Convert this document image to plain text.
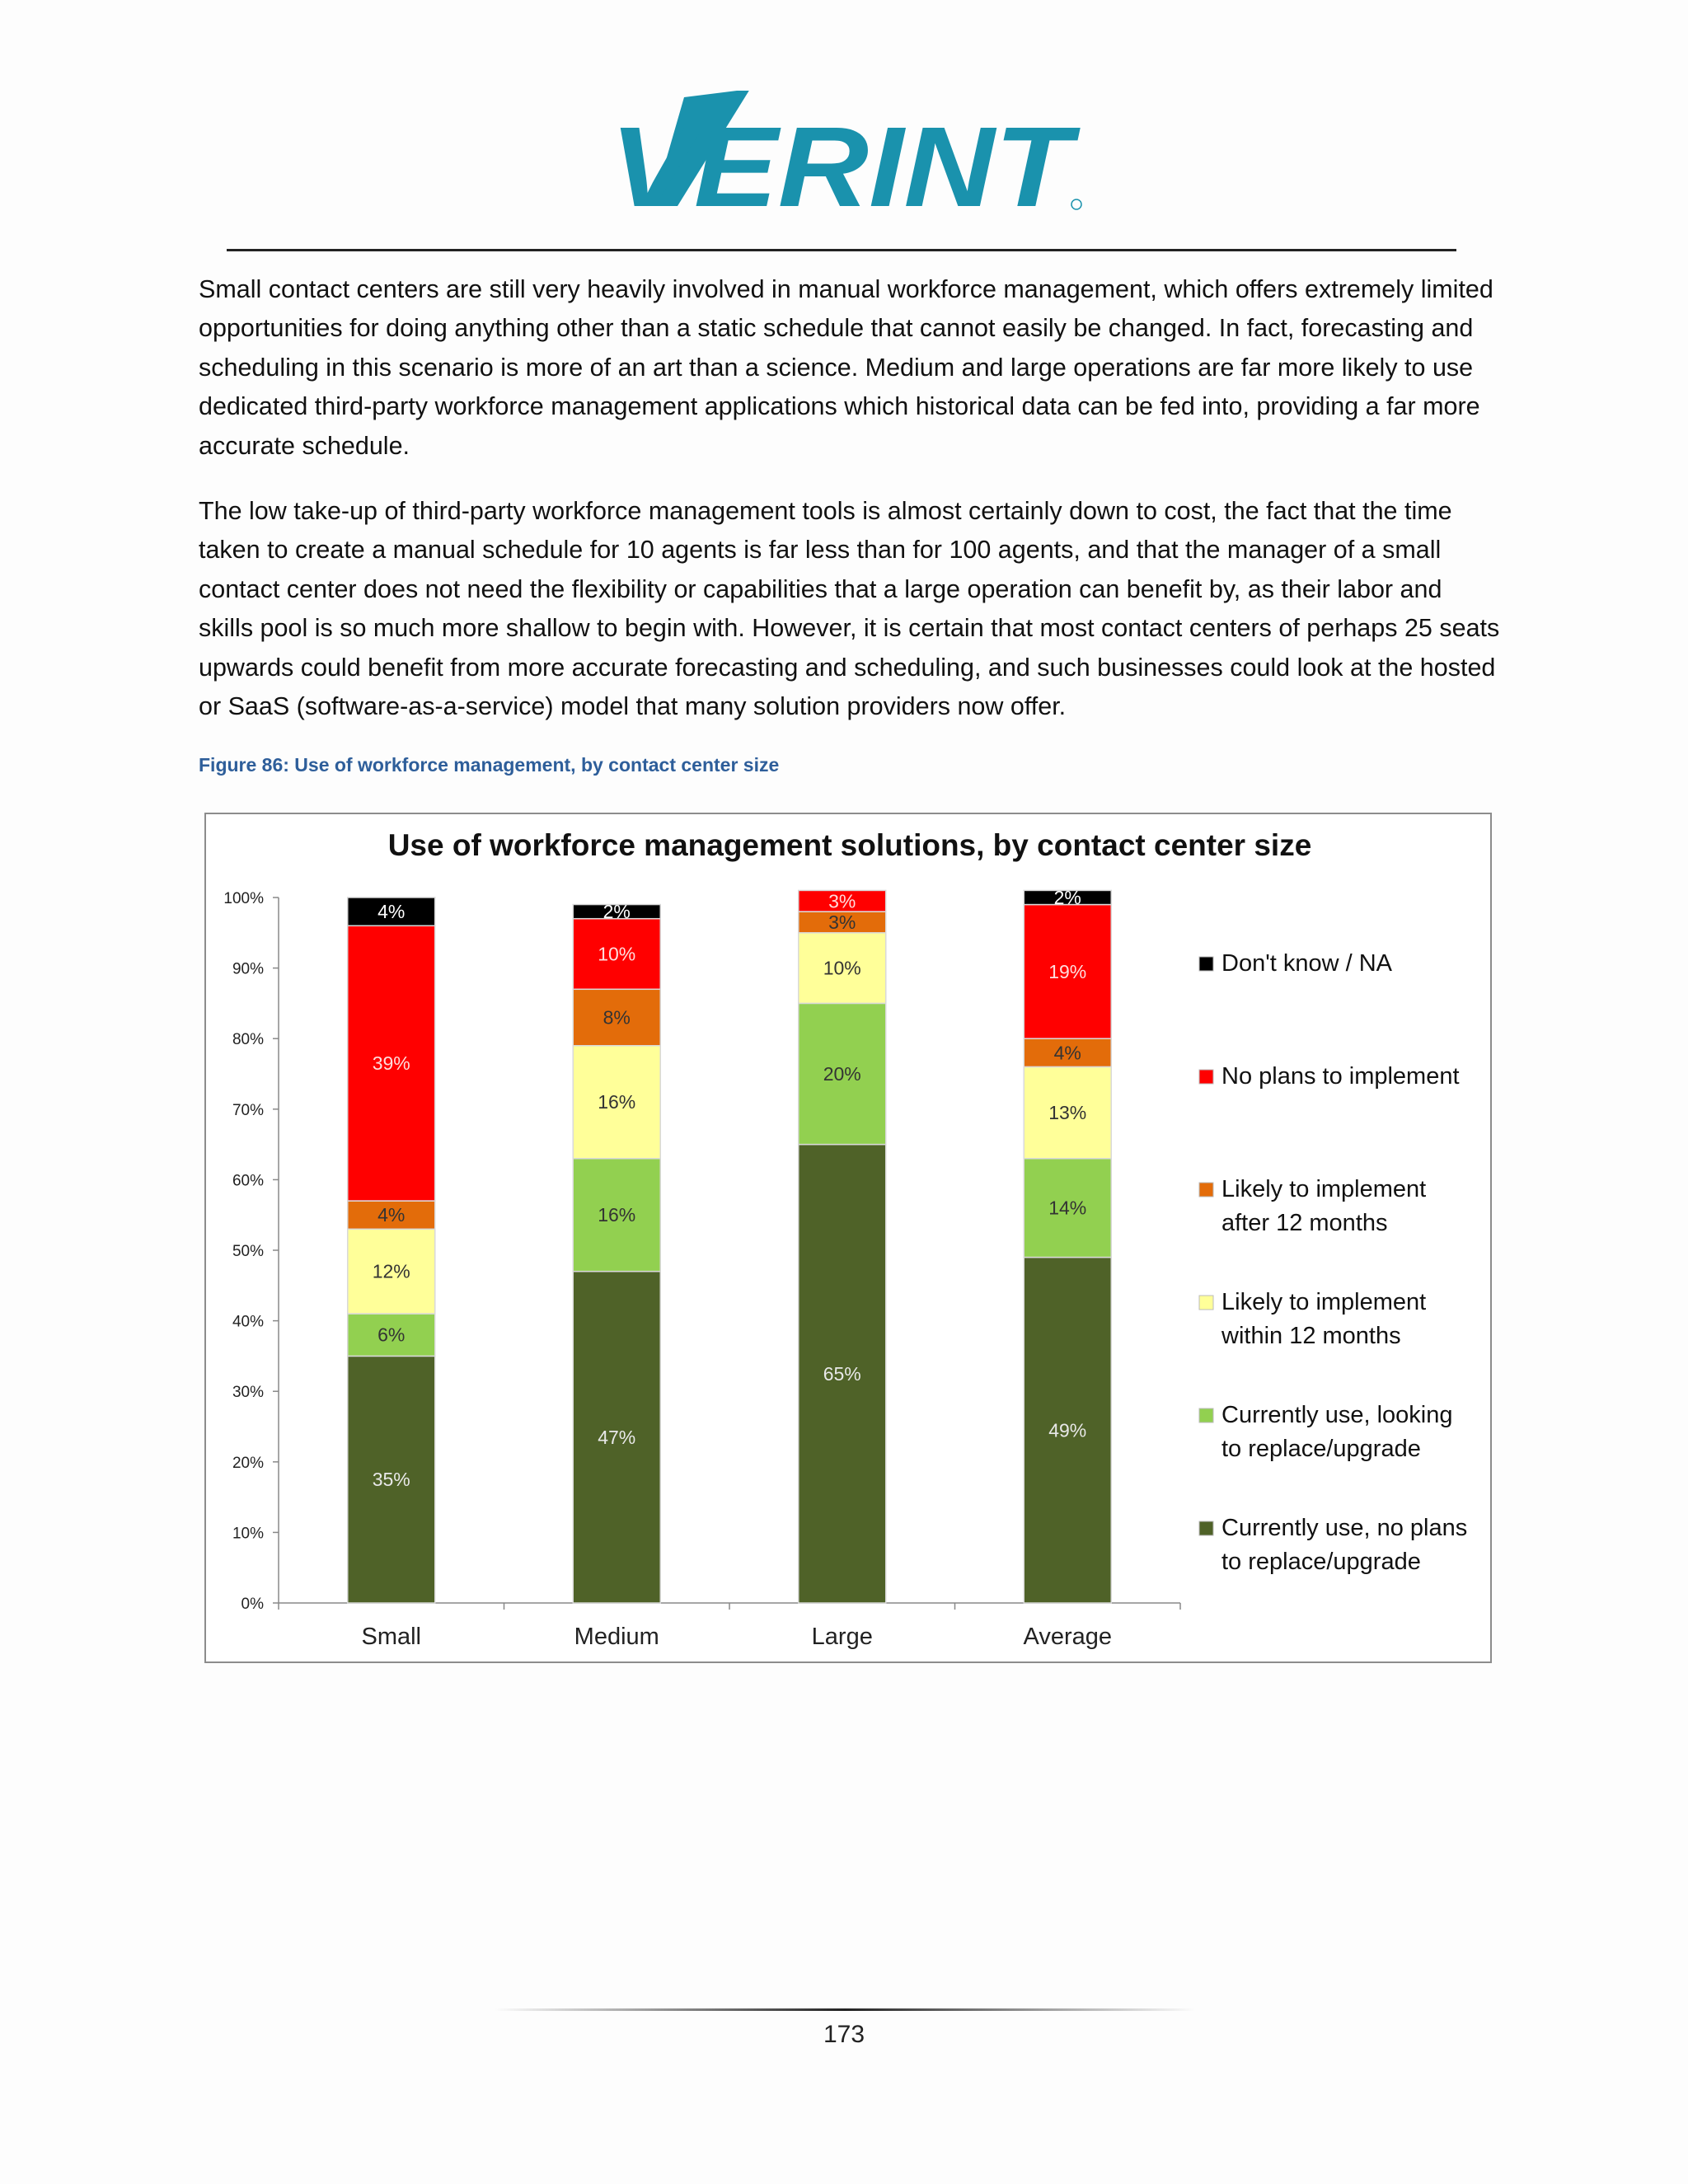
VERINT

Small contact centers are still very heavily involved in manual workforce management, which offers extremely limited opportunities for doing anything other than a static schedule that cannot easily be changed. In fact, forecasting and scheduling in this scenario is more of an art than a science. Medium and large operations are far more likely to use dedicated third-party workforce management applications which historical data can be fed into, providing a far more accurate schedule.

The low take-up of third-party workforce management tools is almost certainly down to cost, the fact that the time taken to create a manual schedule for 10 agents is far less than for 100 agents, and that the manager of a small contact center does not need the flexibility or capabilities that a large operation can benefit by, as their labor and skills pool is so much more shallow to begin with. However, it is certain that most contact centers of perhaps 25 seats upwards could benefit from more accurate forecasting and scheduling, and such businesses could look at the hosted or SaaS (software-as-a-service) model that many solution providers now offer.

Figure 86: Use of workforce management, by contact center size
Use of workforce management solutions, by contact center size
0%
10%
20%
30%
40%
50%
60%
70%
80%
90%
100%
Small
35%
6%
12%
4%
39%
4%
Medium
47%
16%
16%
8%
10%
2%
Large
65%
20%
10%
3%
3%
Average
49%
14%
13%
4%
19%
2%
Don't know / NA
No plans to implement
Likely to implement
after 12 months
Likely to implement
within 12 months
Currently use, looking
to replace/upgrade
Currently use, no plans
to replace/upgrade
173
